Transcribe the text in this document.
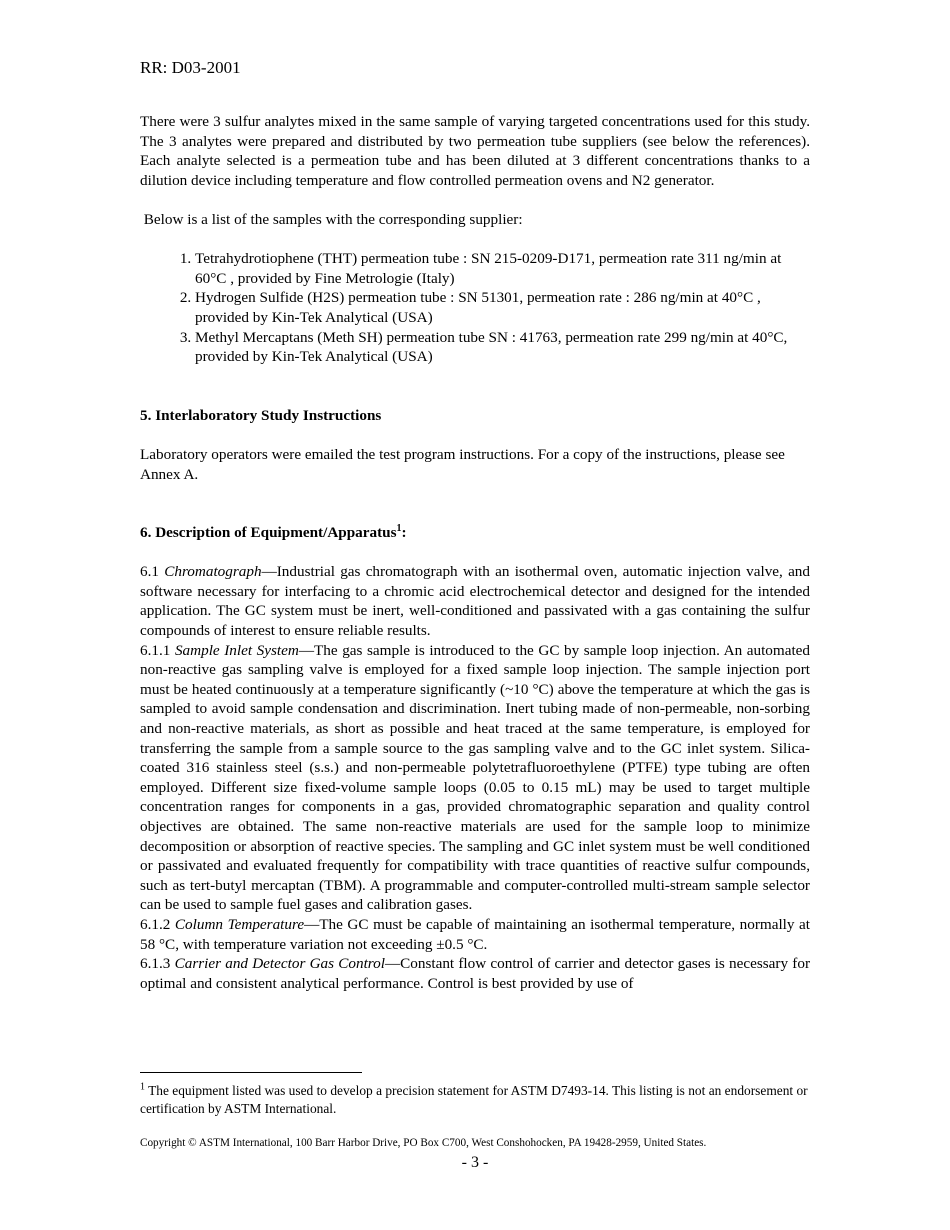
RR: D03-2001

There were 3 sulfur analytes mixed in the same sample of varying targeted concentrations used for this study. The 3 analytes were prepared and distributed by two permeation tube suppliers (see below the references). Each analyte selected is a permeation tube and has been diluted at 3 different concentrations thanks to a dilution device including temperature and flow controlled permeation ovens and N2 generator.

Below is a list of the samples with the corresponding supplier:

1. Tetrahydrotiophene (THT) permeation tube : SN 215-0209-D171, permeation rate 311 ng/min at 60°C , provided by Fine Metrologie (Italy)
2. Hydrogen Sulfide (H2S) permeation tube : SN 51301, permeation rate : 286 ng/min at 40°C , provided by Kin-Tek Analytical (USA)
3. Methyl Mercaptans (Meth SH) permeation tube SN : 41763, permeation rate 299 ng/min at 40°C, provided by Kin-Tek Analytical (USA)
5. Interlaboratory Study Instructions

Laboratory operators were emailed the test program instructions. For a copy of the instructions, please see Annex A.

6. Description of Equipment/Apparatus$^1$:

6.1 Chromatograph—Industrial gas chromatograph with an isothermal oven, automatic injection valve, and software necessary for interfacing to a chromic acid electrochemical detector and designed for the intended application. The GC system must be inert, well-conditioned and passivated with a gas containing the sulfur compounds of interest to ensure reliable results.

6.1.1 Sample Inlet System—The gas sample is introduced to the GC by sample loop injection. An automated non-reactive gas sampling valve is employed for a fixed sample loop injection. The sample injection port must be heated continuously at a temperature significantly (~10 °C) above the temperature at which the gas is sampled to avoid sample condensation and discrimination. Inert tubing made of non-permeable, non-sorbing and non-reactive materials, as short as possible and heat traced at the same temperature, is employed for transferring the sample from a sample source to the gas sampling valve and to the GC inlet system. Silica-coated 316 stainless steel (s.s.) and non-permeable polytetrafluoroethylene (PTFE) type tubing are often employed. Different size fixed-volume sample loops (0.05 to 0.15 mL) may be used to target multiple concentration ranges for components in a gas, provided chromatographic separation and quality control objectives are obtained. The same non-reactive materials are used for the sample loop to minimize decomposition or absorption of reactive species. The sampling and GC inlet system must be well conditioned or passivated and evaluated frequently for compatibility with trace quantities of reactive sulfur compounds, such as tert-butyl mercaptan (TBM). A programmable and computer-controlled multi-stream sample selector can be used to sample fuel gases and calibration gases.

6.1.2 Column Temperature—The GC must be capable of maintaining an isothermal temperature, normally at 58 °C, with temperature variation not exceeding ±0.5 °C.

6.1.3 Carrier and Detector Gas Control—Constant flow control of carrier and detector gases is necessary for optimal and consistent analytical performance. Control is best provided by use of

$^1$ The equipment listed was used to develop a precision statement for ASTM D7493-14. This listing is not an endorsement or certification by ASTM International.
Copyright © ASTM International, 100 Barr Harbor Drive, PO Box C700, West Conshohocken, PA 19428-2959, United States.
- 3 -
